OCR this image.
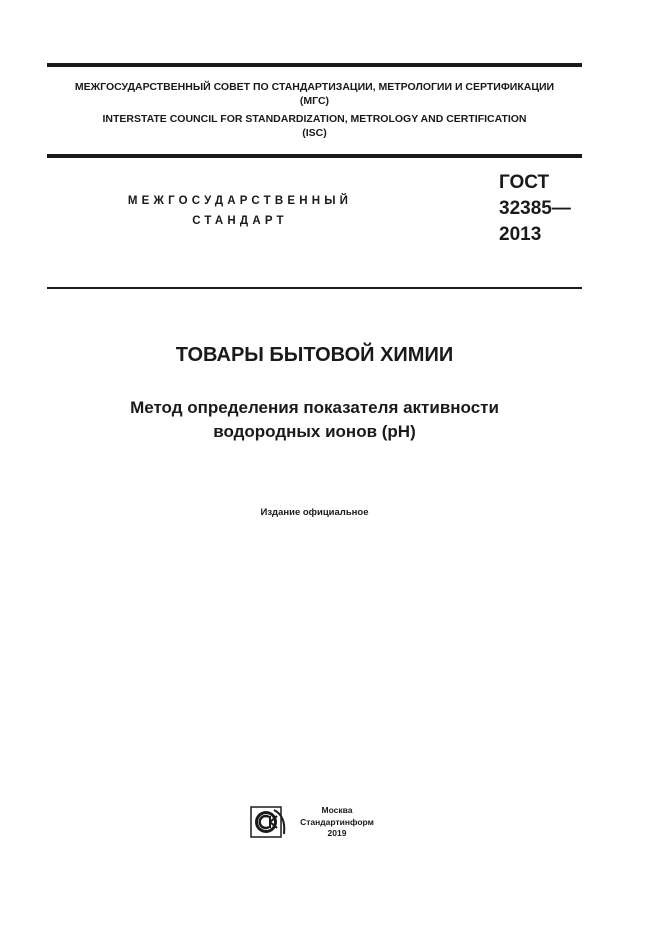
МЕЖГОСУДАРСТВЕННЫЙ СОВЕТ ПО СТАНДАРТИЗАЦИИ, МЕТРОЛОГИИ И СЕРТИФИКАЦИИ
(МГС)
INTERSTATE COUNCIL FOR STANDARDIZATION, METROLOGY AND CERTIFICATION
(ISC)
МЕЖГОСУДАРСТВЕННЫЙ
СТАНДАРТ
ГОСТ
32385—
2013
ТОВАРЫ БЫТОВОЙ ХИМИИ
Метод определения показателя активности
водородных ионов (pH)
Издание официальное
Москва
Стандартинформ
2019
